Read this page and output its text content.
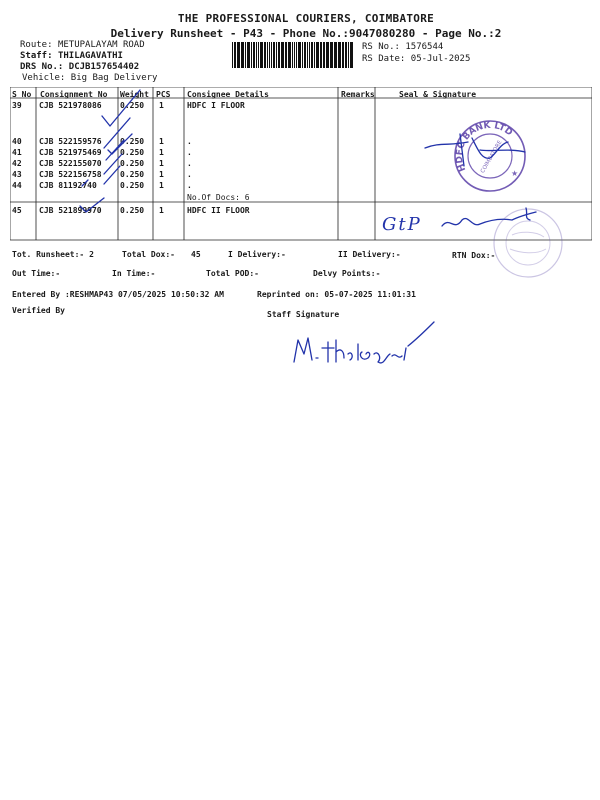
THE PROFESSIONAL COURIERS, COIMBATORE
Delivery Runsheet - P43 - Phone No.:9047080280 - Page No.:2
Route: METUPALAYAM ROAD
Staff: THILAGAVATHI
DRS No.: DCJB157654402
Vehicle: Big Bag Delivery
RS No.: 1576544
RS Date: 05-Jul-2025
S No Consignment No Weight PCS Consignee Details	Remarks	Seal & Signature
39 CJB 521978086 0.250 1	HDFC I FLOOR
40 CJB 522159576 0.250 1	.
41 CJB 521975469 0.250 1	.
42 CJB 522155070 0.250 1	.
43 CJB 522156758 0.250 1	.
44 CJB 81192740	0.250 1	.
No.Of Docs: 6
45 CJB 521899970 0.250 1	HDFC II FLOOR
HDFC BANK LTD
COIMBATORE ★
GtP
Tot. Runsheet:- 2	Total Dox:- 45	I Delivery:-	II Delivery:-	RTN Dox:-
Out Time:-	In Time:-	Total POD:-	Delvy Points:-
Entered By :RESHMAP43 07/05/2025 10:50:32 AM	Reprinted on: 05-07-2025 11:01:31
Verified By	Staff Signature
